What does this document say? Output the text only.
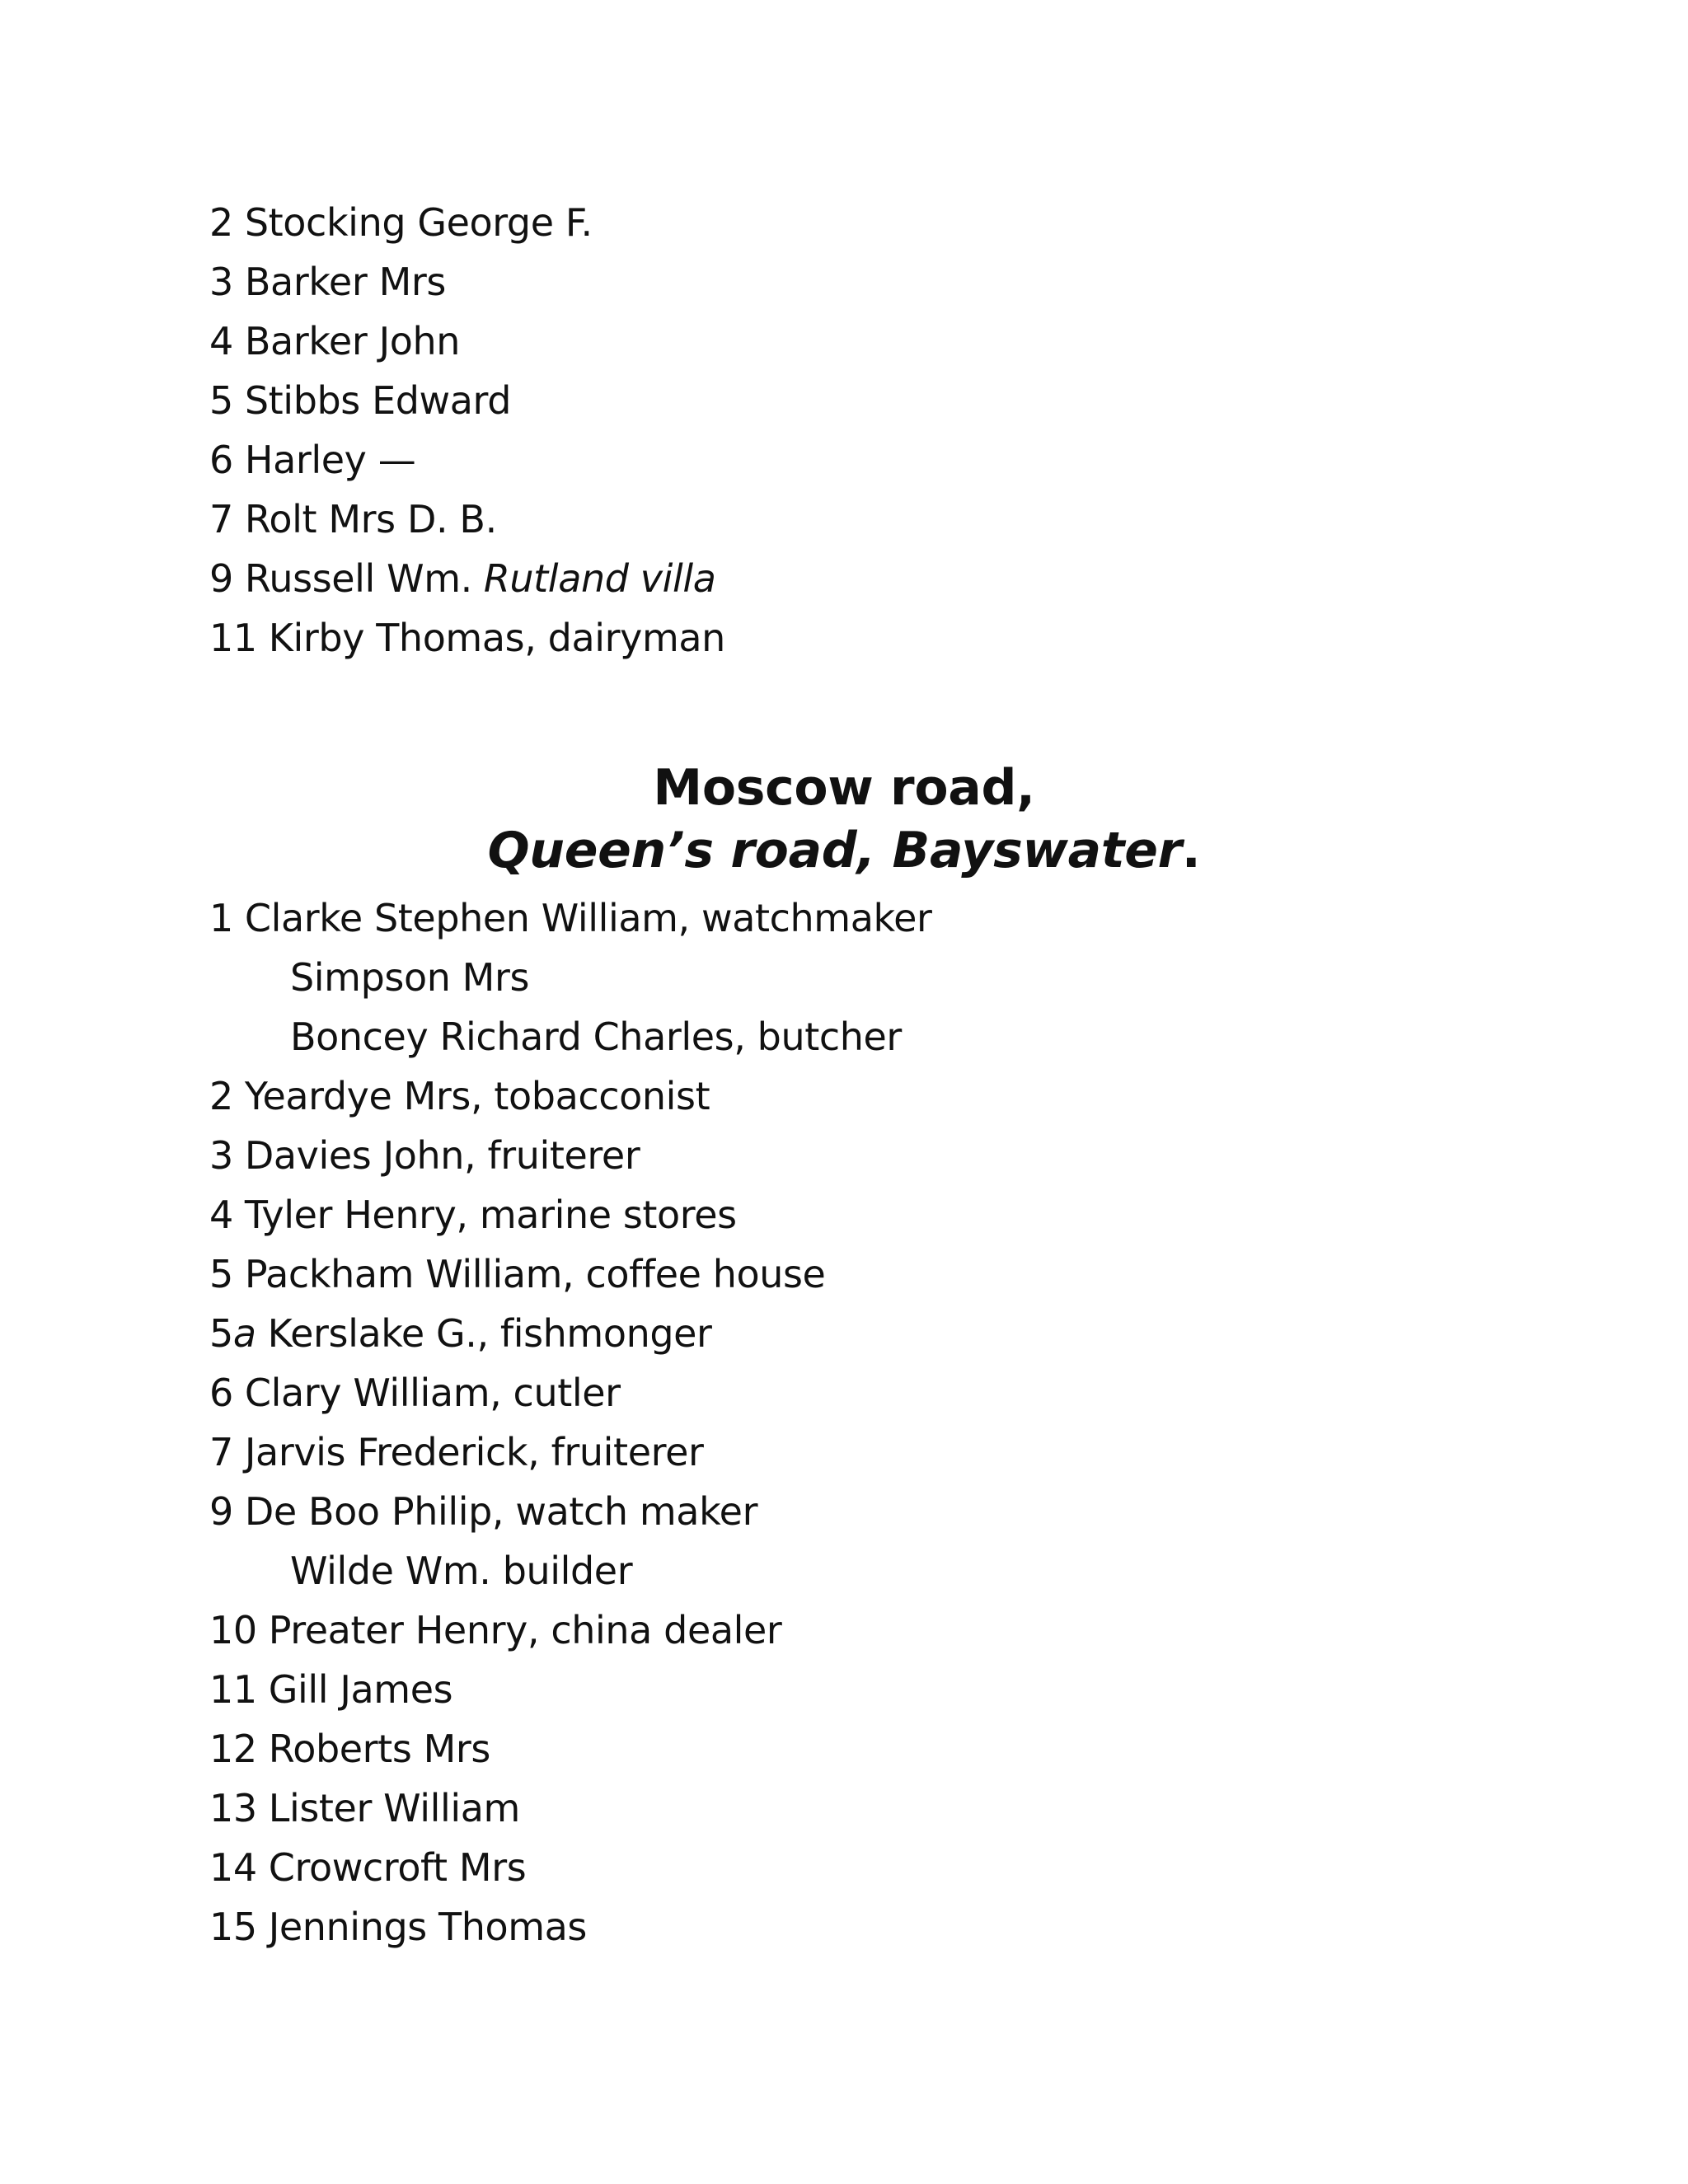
2 Stocking George F.
3 Barker Mrs
4 Barker John
5 Stibbs Edward
6 Harley —
7 Rolt Mrs D. B.
9 Russell Wm. Rutland villa
11 Kirby Thomas, dairyman
Moscow road,
Queen’s road, Bayswater.
1 Clarke Stephen William, watchmaker
Simpson Mrs
Boncey Richard Charles, butcher
2 Yeardye Mrs, tobacconist
3 Davies John, fruiterer
4 Tyler Henry, marine stores
5 Packham William, coffee house
5a Kerslake G., fishmonger
6 Clary William, cutler
7 Jarvis Frederick, fruiterer
9 De Boo Philip, watch maker
Wilde Wm. builder
10 Preater Henry, china dealer
11 Gill James
12 Roberts Mrs
13 Lister William
14 Crowcroft Mrs
15 Jennings Thomas
